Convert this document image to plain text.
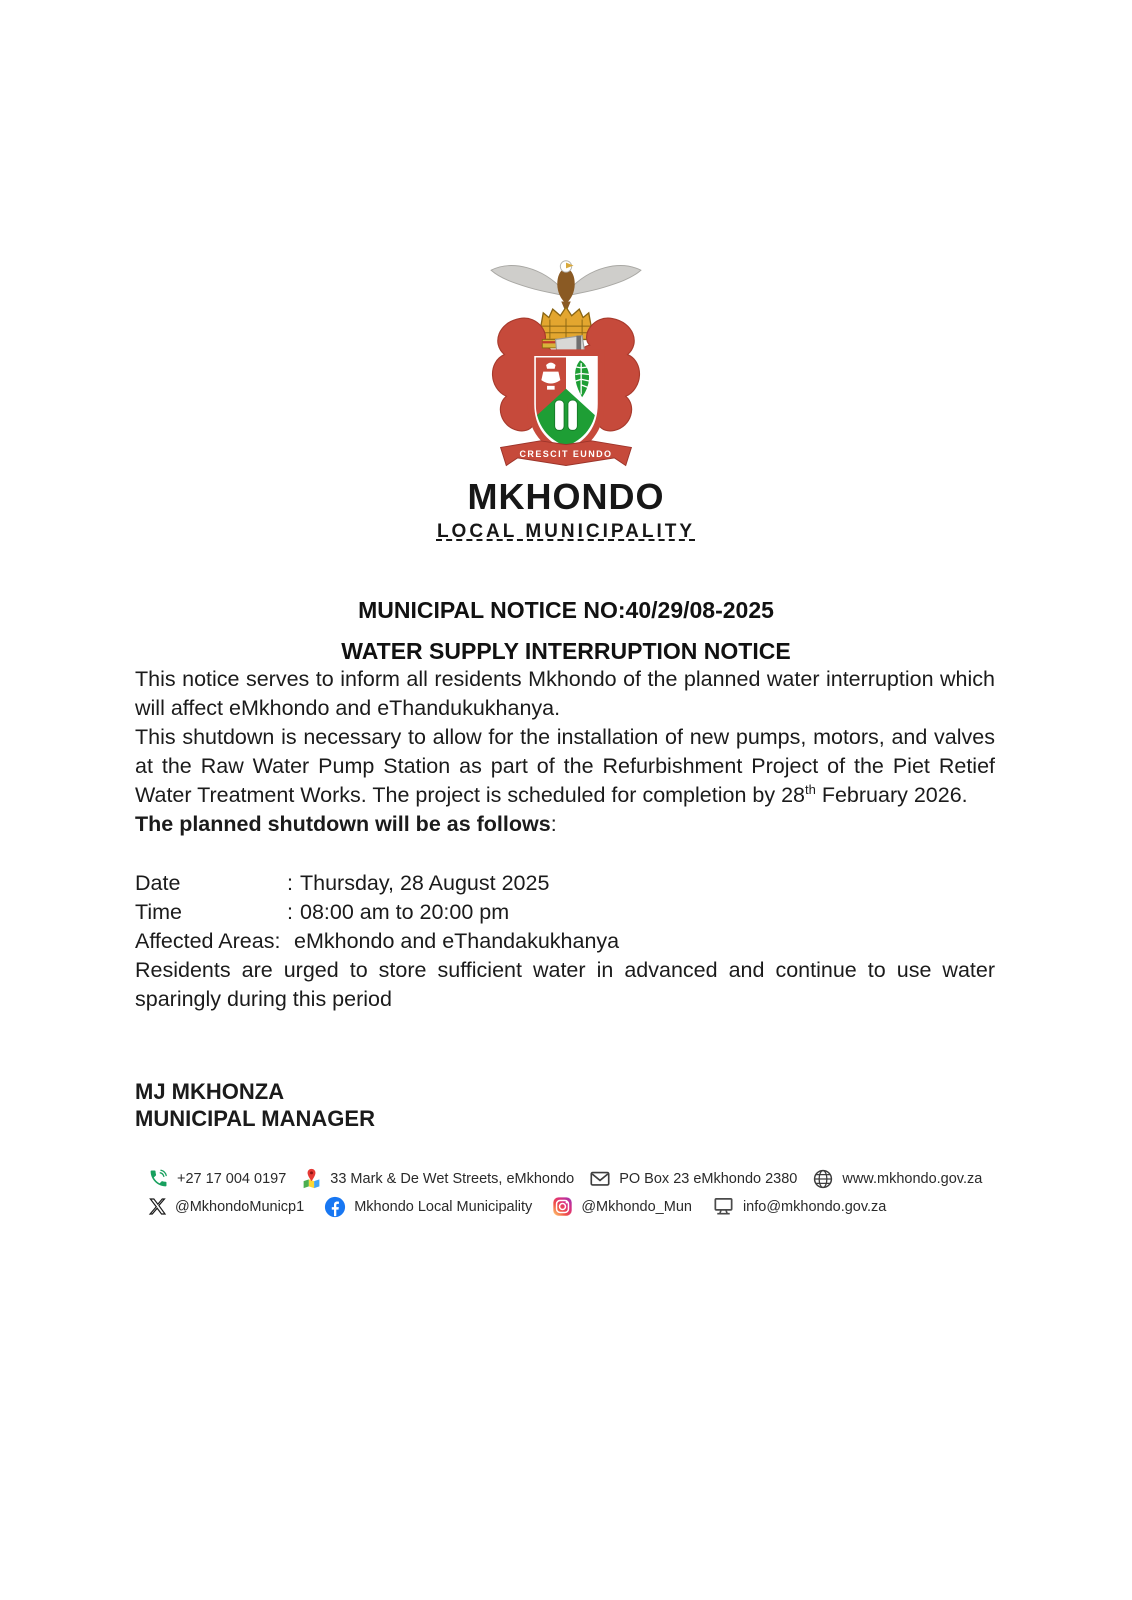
CRESCIT EUNDO
MKHONDO
LOCAL MUNICIPALITY
MUNICIPAL NOTICE NO:40/29/08-2025
WATER SUPPLY INTERRUPTION NOTICE

This notice serves to inform all residents Mkhondo of the planned water interruption which will affect eMkhondo and eThandukukhanya.

This shutdown is necessary to allow for the installation of new pumps, motors, and valves at the Raw Water Pump Station as part of the Refurbishment Project of the Piet Retief Water Treatment Works. The project is scheduled for completion by 28th February 2026.

The planned shutdown will be as follows:

Date	: Thursday, 28 August 2025
Time	: 08:00 am to 20:00 pm
Affected Areas: eMkhondo and eThandakukhanya

Residents are urged to store sufficient water in advanced and continue to use water sparingly during this period

MJ MKHONZA
MUNICIPAL MANAGER
+27 17 004 0197	33 Mark & De Wet Streets, eMkhondo	PO Box 23 eMkhondo 2380	www.mkhondo.gov.za
@MkhondoMunicp1	Mkhondo Local Municipality	@Mkhondo_Mun	info@mkhondo.gov.za
